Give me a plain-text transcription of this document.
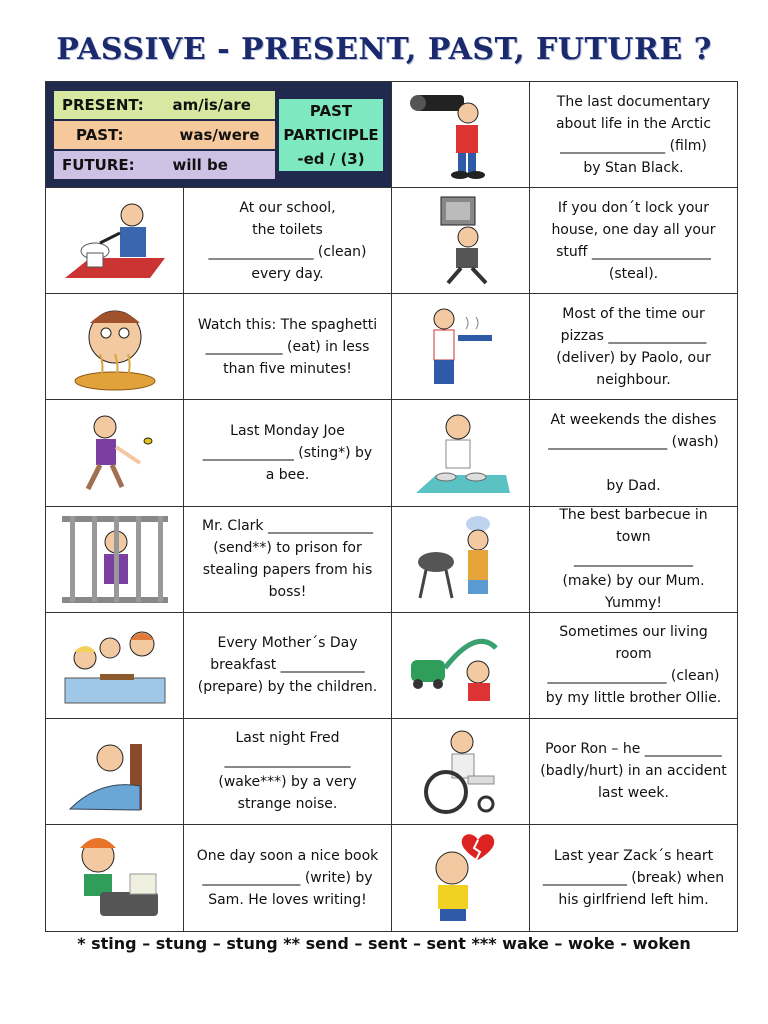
PASSIVE - PRESENT, PAST, FUTURE ?
PRESENT:	am/is/are
PAST:	was/were
FUTURE:	will be
PAST
PARTICIPLE
-ed / (3)
The last documentary
about life in the Arctic
_______________ (film)
by Stan Black.
At our school,
the toilets
_______________ (clean)
every day.
If you don´t lock your
house, one day all your
stuff _________________
(steal).
Watch this: The spaghetti
___________ (eat) in less
than five minutes!
Most of the time our
pizzas ______________
(deliver) by Paolo, our
neighbour.
Last Monday Joe
_____________ (sting*) by
a bee.
At weekends the dishes
_________________ (wash)

by Dad.
Mr. Clark _______________
(send**) to prison for
stealing papers from his
boss!
The best barbecue in town
_________________
(make) by our Mum. Yummy!
Every Mother´s Day
breakfast ____________
(prepare) by the children.
Sometimes our living room
_________________ (clean)
by my little brother Ollie.
Last night Fred
__________________
(wake***) by a very
strange noise.
Poor Ron – he ___________
(badly/hurt) in an accident
last week.
One day soon a nice book
______________ (write) by
Sam. He loves writing!
Last year Zack´s heart
____________ (break) when
his girlfriend left him.
* sting – stung – stung ** send – sent – sent *** wake – woke - woken
